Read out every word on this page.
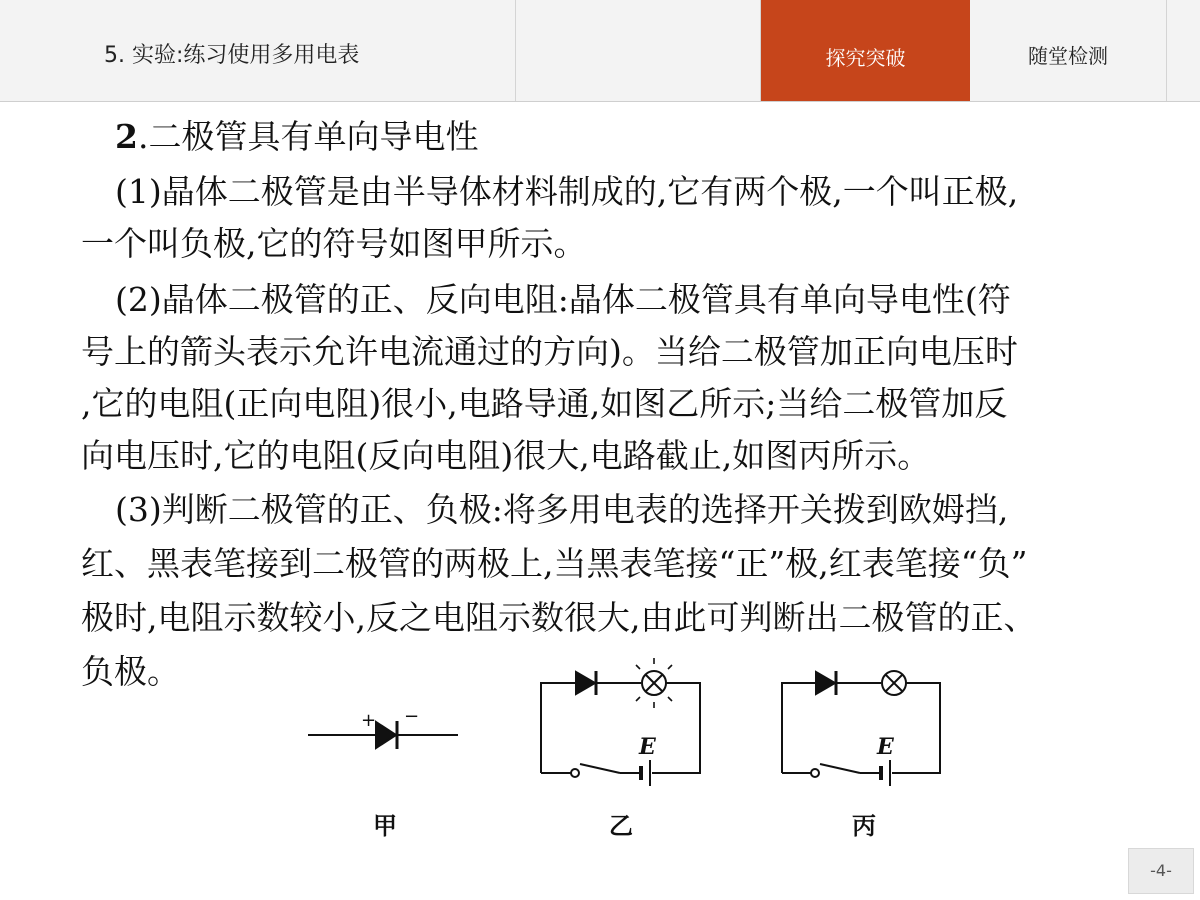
5. 实验:练习使用多用电表	探究突破	随堂检测
2.二极管具有单向导电性
(1)晶体二极管是由半导体材料制成的,它有两个极,一个叫正极,
一个叫负极,它的符号如图甲所示。
(2)晶体二极管的正、反向电阻:晶体二极管具有单向导电性(符
号上的箭头表示允许电流通过的方向)。当给二极管加正向电压时
,它的电阻(正向电阻)很小,电路导通,如图乙所示;当给二极管加反
向电压时,它的电阻(反向电阻)很大,电路截止,如图丙所示。
(3)判断二极管的正、负极:将多用电表的选择开关拨到欧姆挡,
红、黑表笔接到二极管的两极上,当黑表笔接“正”极,红表笔接“负”
极时,电阻示数较小,反之电阻示数很大,由此可判断出二极管的正、
负极。
+ −
E	E
甲	乙	丙
-4-
